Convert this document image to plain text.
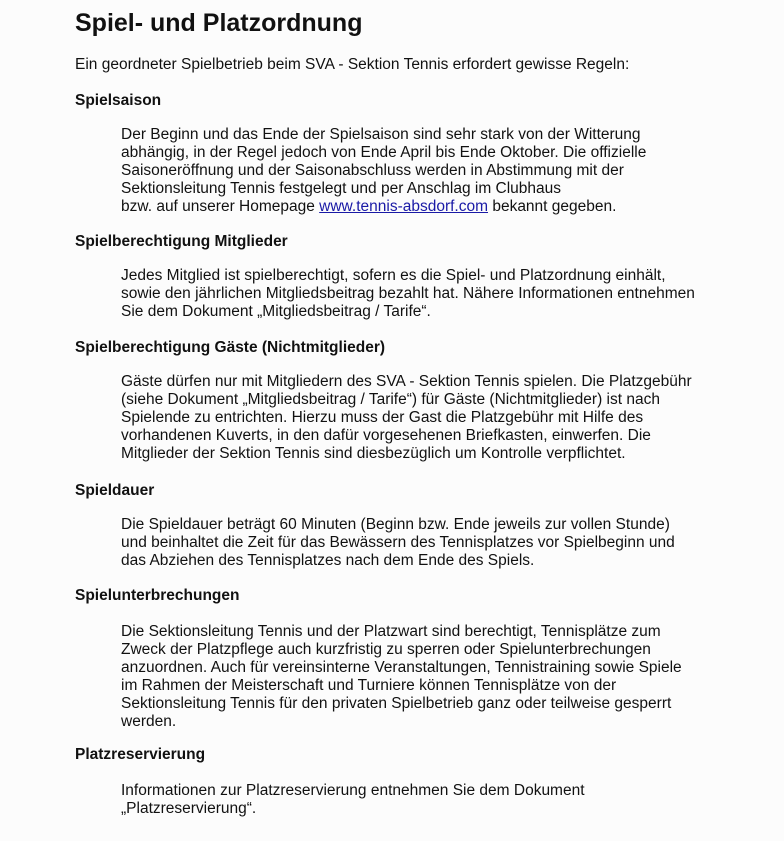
Spiel- und Platzordnung
Ein geordneter Spielbetrieb beim SVA - Sektion Tennis erfordert gewisse Regeln:
Spielsaison
Der Beginn und das Ende der Spielsaison sind sehr stark von der Witterung
abhängig, in der Regel jedoch von Ende April bis Ende Oktober. Die offizielle
Saisoneröffnung und der Saisonabschluss werden in Abstimmung mit der
Sektionsleitung Tennis festgelegt und per Anschlag im Clubhaus
bzw. auf unserer Homepage www.tennis-absdorf.com bekannt gegeben.
Spielberechtigung Mitglieder
Jedes Mitglied ist spielberechtigt, sofern es die Spiel- und Platzordnung einhält,
sowie den jährlichen Mitgliedsbeitrag bezahlt hat. Nähere Informationen entnehmen
Sie dem Dokument „Mitgliedsbeitrag / Tarife“.
Spielberechtigung Gäste (Nichtmitglieder)
Gäste dürfen nur mit Mitgliedern des SVA - Sektion Tennis spielen. Die Platzgebühr
(siehe Dokument „Mitgliedsbeitrag / Tarife“) für Gäste (Nichtmitglieder) ist nach
Spielende zu entrichten. Hierzu muss der Gast die Platzgebühr mit Hilfe des
vorhandenen Kuverts, in den dafür vorgesehenen Briefkasten, einwerfen. Die
Mitglieder der Sektion Tennis sind diesbezüglich um Kontrolle verpflichtet.
Spieldauer
Die Spieldauer beträgt 60 Minuten (Beginn bzw. Ende jeweils zur vollen Stunde)
und beinhaltet die Zeit für das Bewässern des Tennisplatzes vor Spielbeginn und
das Abziehen des Tennisplatzes nach dem Ende des Spiels.
Spielunterbrechungen
Die Sektionsleitung Tennis und der Platzwart sind berechtigt, Tennisplätze zum
Zweck der Platzpflege auch kurzfristig zu sperren oder Spielunterbrechungen
anzuordnen. Auch für vereinsinterne Veranstaltungen, Tennistraining sowie Spiele
im Rahmen der Meisterschaft und Turniere können Tennisplätze von der
Sektionsleitung Tennis für den privaten Spielbetrieb ganz oder teilweise gesperrt
werden.
Platzreservierung
Informationen zur Platzreservierung entnehmen Sie dem Dokument
„Platzreservierung“.
